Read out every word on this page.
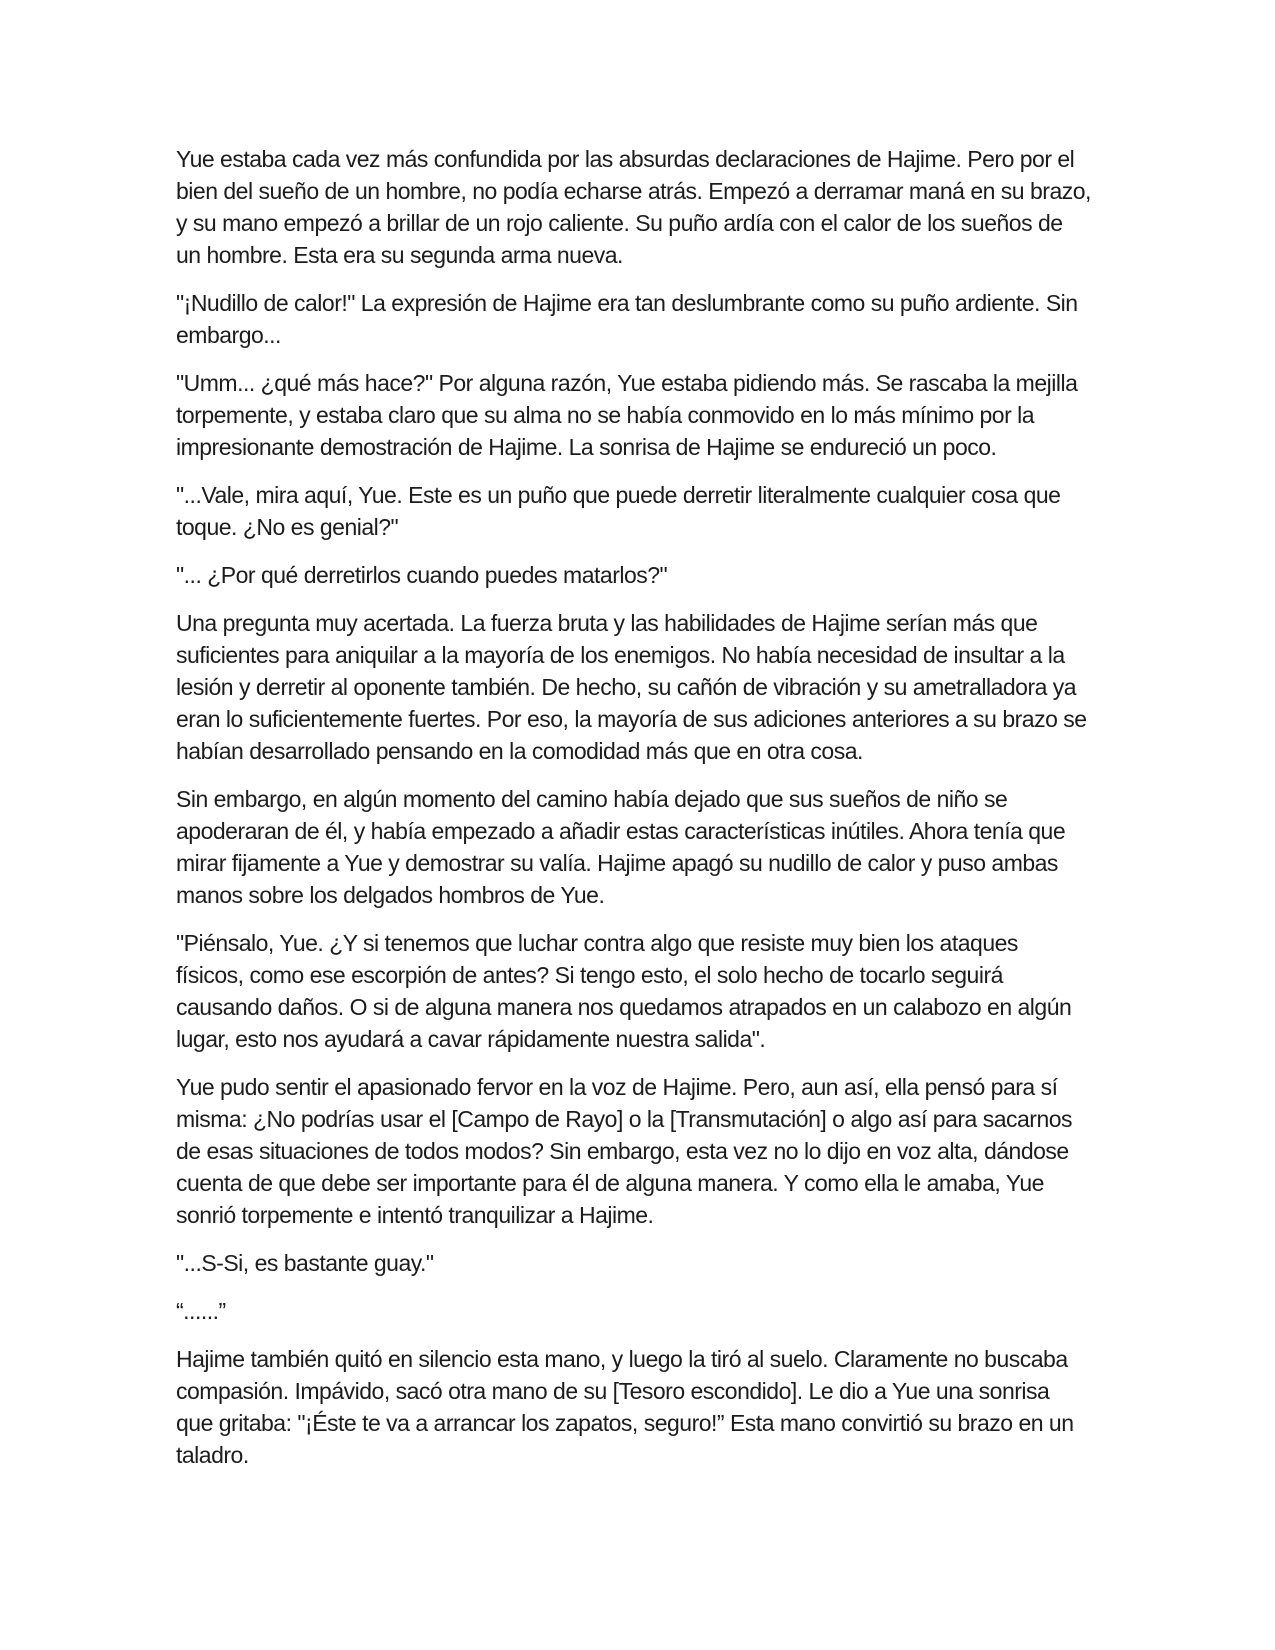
Yue estaba cada vez más confundida por las absurdas declaraciones de Hajime. Pero por el bien del sueño de un hombre, no podía echarse atrás. Empezó a derramar maná en su brazo, y su mano empezó a brillar de un rojo caliente. Su puño ardía con el calor de los sueños de un hombre. Esta era su segunda arma nueva.

"¡Nudillo de calor!" La expresión de Hajime era tan deslumbrante como su puño ardiente. Sin embargo...

"Umm... ¿qué más hace?" Por alguna razón, Yue estaba pidiendo más. Se rascaba la mejilla torpemente, y estaba claro que su alma no se había conmovido en lo más mínimo por la impresionante demostración de Hajime. La sonrisa de Hajime se endureció un poco.

"...Vale, mira aquí, Yue. Este es un puño que puede derretir literalmente cualquier cosa que toque. ¿No es genial?"

"... ¿Por qué derretirlos cuando puedes matarlos?"

Una pregunta muy acertada. La fuerza bruta y las habilidades de Hajime serían más que suficientes para aniquilar a la mayoría de los enemigos. No había necesidad de insultar a la lesión y derretir al oponente también. De hecho, su cañón de vibración y su ametralladora ya eran lo suficientemente fuertes. Por eso, la mayoría de sus adiciones anteriores a su brazo se habían desarrollado pensando en la comodidad más que en otra cosa.

Sin embargo, en algún momento del camino había dejado que sus sueños de niño se apoderaran de él, y había empezado a añadir estas características inútiles. Ahora tenía que mirar fijamente a Yue y demostrar su valía. Hajime apagó su nudillo de calor y puso ambas manos sobre los delgados hombros de Yue.

"Piénsalo, Yue. ¿Y si tenemos que luchar contra algo que resiste muy bien los ataques físicos, como ese escorpión de antes? Si tengo esto, el solo hecho de tocarlo seguirá causando daños. O si de alguna manera nos quedamos atrapados en un calabozo en algún lugar, esto nos ayudará a cavar rápidamente nuestra salida".

Yue pudo sentir el apasionado fervor en la voz de Hajime. Pero, aun así, ella pensó para sí misma: ¿No podrías usar el [Campo de Rayo] o la [Transmutación] o algo así para sacarnos de esas situaciones de todos modos? Sin embargo, esta vez no lo dijo en voz alta, dándose cuenta de que debe ser importante para él de alguna manera. Y como ella le amaba, Yue sonrió torpemente e intentó tranquilizar a Hajime.

"...S-Si, es bastante guay."

“......”

Hajime también quitó en silencio esta mano, y luego la tiró al suelo. Claramente no buscaba compasión. Impávido, sacó otra mano de su [Tesoro escondido]. Le dio a Yue una sonrisa que gritaba: "¡Éste te va a arrancar los zapatos, seguro!” Esta mano convirtió su brazo en un taladro.
